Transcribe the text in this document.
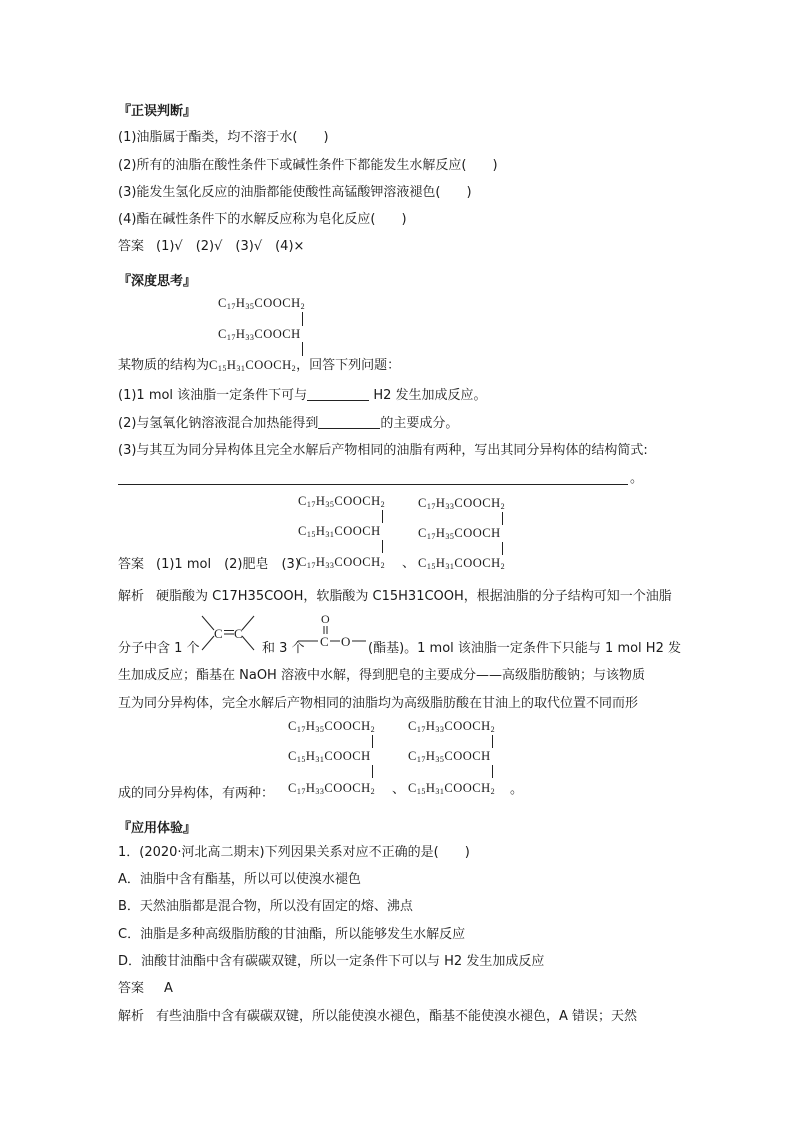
『正误判断』
(1)油脂属于酯类，均不溶于水(　　)
(2)所有的油脂在酸性条件下或碱性条件下都能发生水解反应(　　)
(3)能发生氢化反应的油脂都能使酸性高锰酸钾溶液褪色(　　)
(4)酯在碱性条件下的水解反应称为皂化反应(　　)
答案 (1)√　(2)√　(3)√　(4)×
『深度思考』
$C_{17}H_{35}COOCH_2$
$C_{17}H_{33}COOCH$
某物质的结构为$C_{15}H_{31}COOCH_2$，回答下列问题：
(1)1 mol 该油脂一定条件下可与	H2 发生加成反应。
(2)与氢氧化钠溶液混合加热能得到	的主要成分。
(3)与其互为同分异构体且完全水解后产物相同的油脂有两种，写出其同分异构体的结构简式:
。
$C_{17}H_{35}COOCH_2$
$C_{15}H_{31}COOCH$
$C_{17}H_{33}COOCH_2$
$C_{17}H_{35}COOCH$
答案 (1)1 mol　(2)肥皂　(3)
$C_{17}H_{33}COOCH_2$ 、 $C_{15}H_{31}COOCH_2$
解析 硬脂酸为 C17H35COOH，软脂酸为 C15H31COOH，根据油脂的分子结构可知一个油脂
C C
O
C O
分子中含 1 个	和 3 个	(酯基)。1 mol 该油脂一定条件下只能与 1 mol H2 发
生加成反应；酯基在 NaOH 溶液中水解，得到肥皂的主要成分——高级脂肪酸钠；与该物质
互为同分异构体，完全水解后产物相同的油脂均为高级脂肪酸在甘油上的取代位置不同而形
$C_{17}H_{35}COOCH_2$
$C_{15}H_{31}COOCH$
$C_{17}H_{33}COOCH_2$
$C_{17}H_{35}COOCH$
成的同分异构体，有两种： $C_{17}H_{33}COOCH_2$ 、 $C_{15}H_{31}COOCH_2$ 。
『应用体验』
1．(2020·河北高二期末)下列因果关系对应不正确的是(　　)
A．油脂中含有酯基，所以可以使溴水褪色
B．天然油脂都是混合物，所以没有固定的熔、沸点
C．油脂是多种高级脂肪酸的甘油酯，所以能够发生水解反应
D．油酸甘油酯中含有碳碳双键，所以一定条件下可以与 H2 发生加成反应
答案 A
解析 有些油脂中含有碳碳双键，所以能使溴水褪色，酯基不能使溴水褪色，A 错误；天然
